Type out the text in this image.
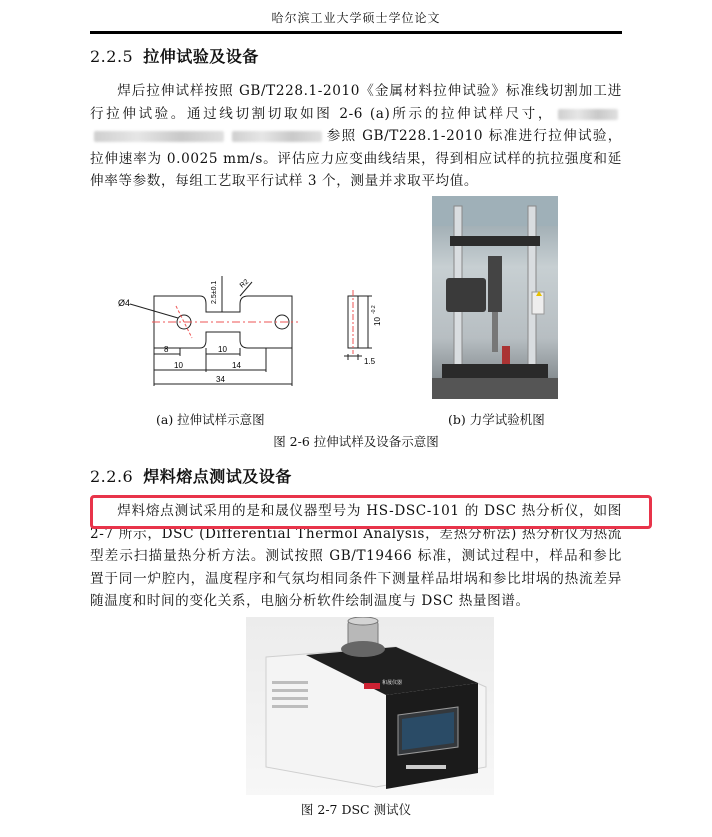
哈尔滨工业大学硕士学位论文
2.2.5 拉伸试验及设备

焊后拉伸试样按照 GB/T228.1-2010《金属材料拉伸试验》标准线切割加工进行拉伸试验。通过线切割切取如图 2-6 (a)所示的拉伸试样尺寸，参照 GB/T228.1-2010 标准进行拉伸试验，拉伸速率为 0.0025 mm/s。评估应力应变曲线结果，得到相应试样的抗拉强度和延伸率等参数，每组工艺取平行试样 3 个，测量并求取平均值。

Ø4	2.5±0.1	R2
10
-0.2
8	10
10	14
34
1.5
(a) 拉伸试样示意图	(b) 力学试验机图
图 2-6 拉伸试样及设备示意图
2.2.6 焊料熔点测试及设备

焊料熔点测试采用的是和晟仪器型号为 HS-DSC-101 的 DSC 热分析仪，如图 2-7 所示，DSC (Differential Thermol Analysis，差热分析法) 热分析仪为热流型差示扫描量热分析方法。测试按照 GB/T19466 标准，测试过程中，样品和参比置于同一炉腔内，温度程序和气氛均相同条件下测量样品坩埚和参比坩埚的热流差异随温度和时间的变化关系，电脑分析软件绘制温度与 DSC 热量图谱。

和晟仪器
图 2-7 DSC 测试仪
